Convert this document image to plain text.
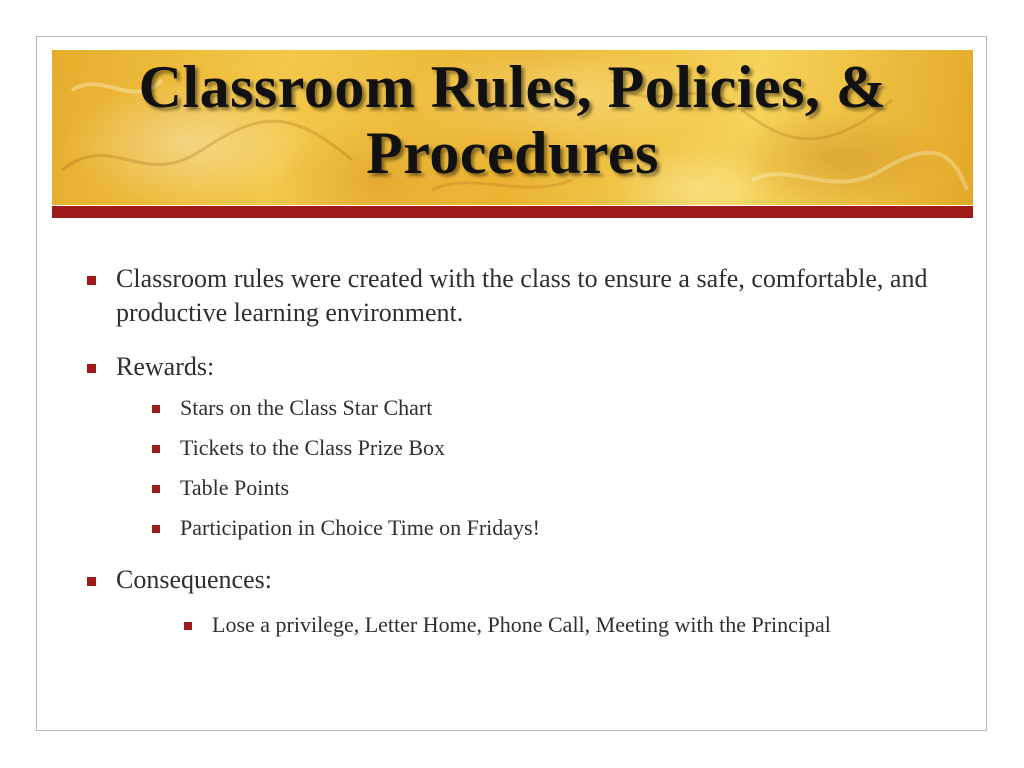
Classroom Rules, Policies, & Procedures
Classroom rules were created with the class to ensure a safe, comfortable, and productive learning environment.
Rewards:
Stars on the Class Star Chart
Tickets to the Class Prize Box
Table Points
Participation in Choice Time on Fridays!
Consequences:
Lose a privilege, Letter Home, Phone Call, Meeting with the Principal
